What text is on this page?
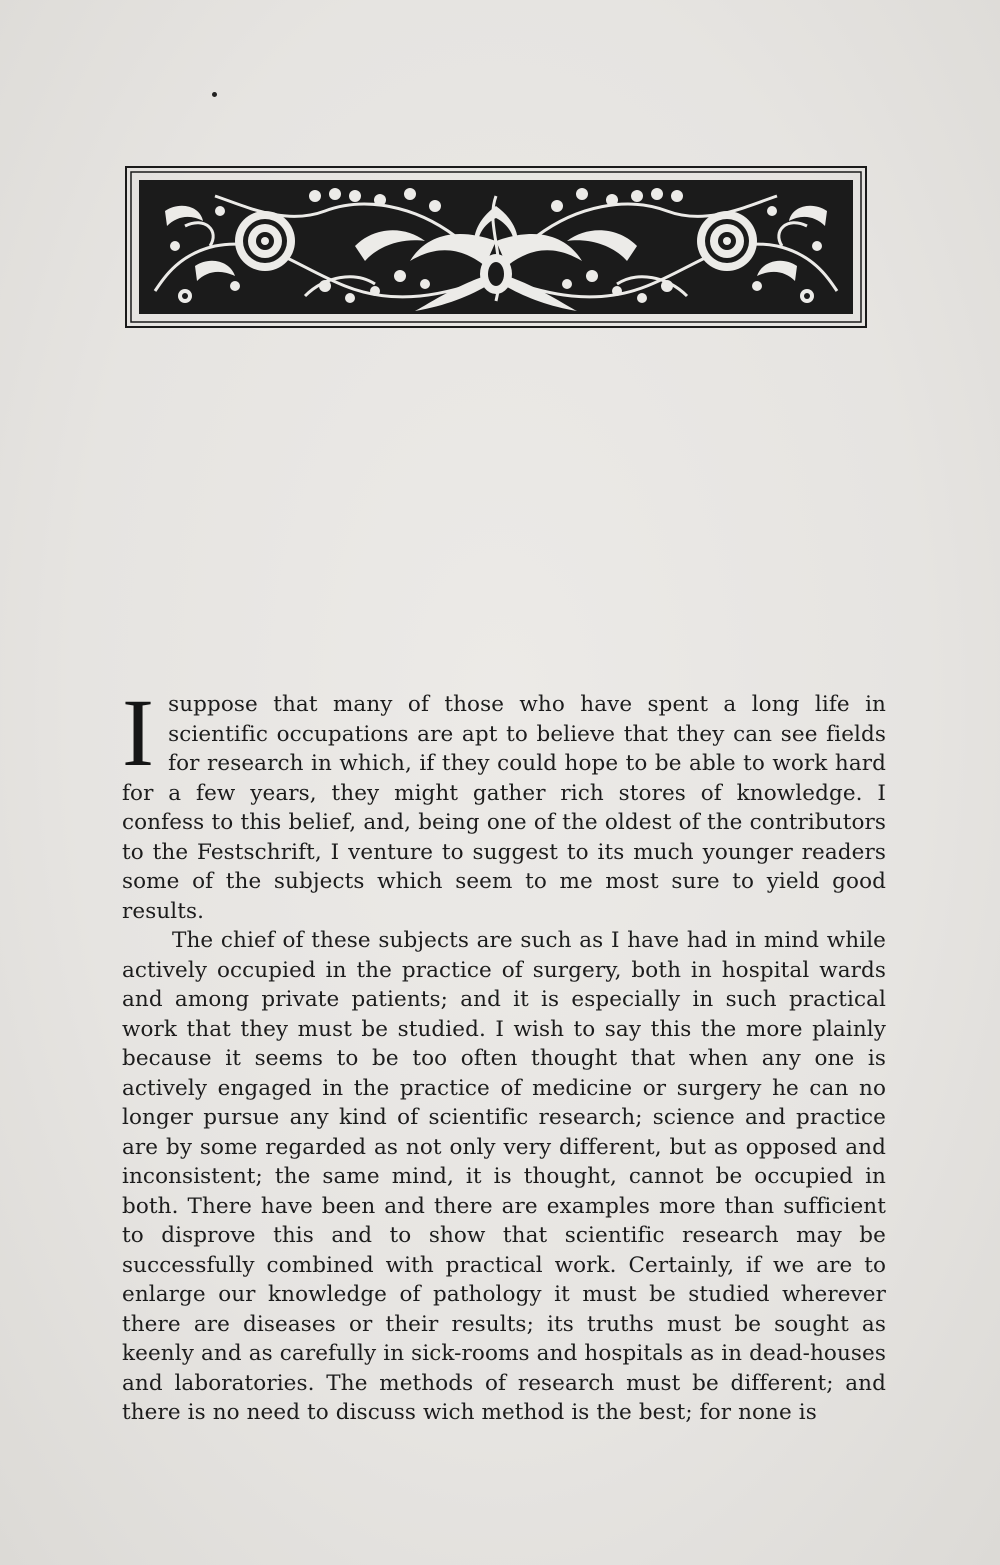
Isuppose that many of those who have spent a long life in scientific occupations are apt to believe that they can see fields for research in which, if they could hope to be able to work hard for a few years, they might gather rich stores of knowledge. I confess to this belief, and, being one of the oldest of the contributors to the Festschrift, I venture to suggest to its much younger readers some of the subjects which seem to me most sure to yield good results.

The chief of these subjects are such as I have had in mind while actively occupied in the practice of surgery, both in hospital wards and among private patients; and it is especially in such practical work that they must be studied. I wish to say this the more plainly because it seems to be too often thought that when any one is actively engaged in the practice of medicine or surgery he can no longer pursue any kind of scientific research; science and practice are by some regarded as not only very different, but as opposed and inconsistent; the same mind, it is thought, cannot be occupied in both. There have been and there are examples more than sufficient to disprove this and to show that scientific research may be successfully combined with practical work. Certainly, if we are to enlarge our knowledge of pathology it must be studied wherever there are diseases or their results; its truths must be sought as keenly and as carefully in sick-rooms and hospitals as in dead-houses and laboratories. The methods of research must be different; and there is no need to discuss wich method is the best; for none is
